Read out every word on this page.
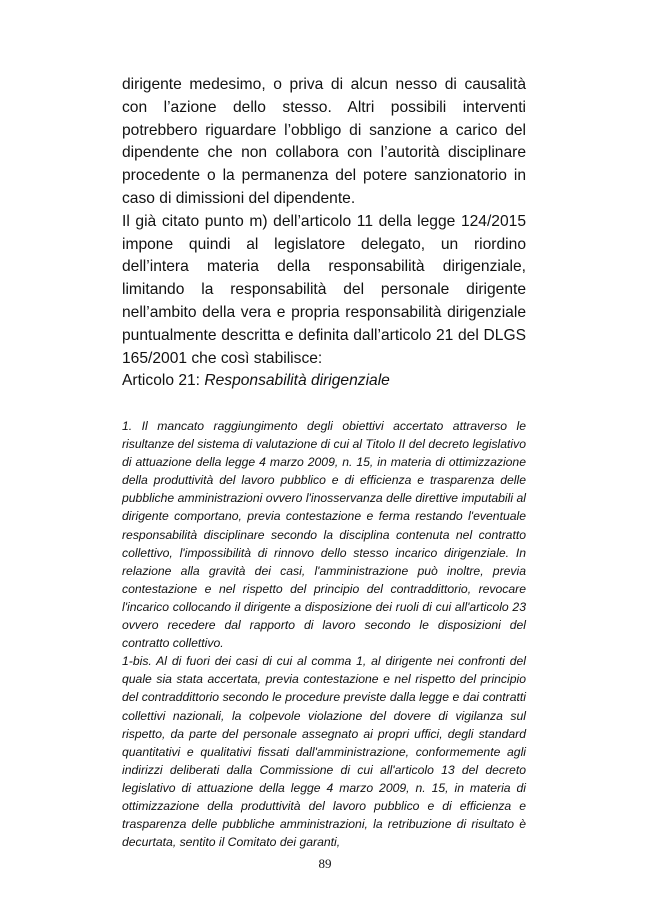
dirigente medesimo, o priva di alcun nesso di causalità con l’azione dello stesso. Altri possibili interventi potrebbero riguardare l’obbligo di sanzione a carico del dipendente che non collabora con l’autorità disciplinare procedente o la permanenza del potere sanzionatorio in caso di dimissioni del dipendente.

Il già citato punto m) dell’articolo 11 della legge 124/2015 impone quindi al legislatore delegato, un riordino dell’intera materia della responsabilità dirigenziale, limitando la responsabilità del personale dirigente nell’ambito della vera e propria responsabilità dirigenziale puntualmente descritta e definita dall’articolo 21 del DLGS 165/2001 che così stabilisce:

Articolo 21: Responsabilità dirigenziale

1. Il mancato raggiungimento degli obiettivi accertato attraverso le risultanze del sistema di valutazione di cui al Titolo II del decreto legislativo di attuazione della legge 4 marzo 2009, n. 15, in materia di ottimizzazione della produttività del lavoro pubblico e di efficienza e trasparenza delle pubbliche amministrazioni ovvero l'inosservanza delle direttive imputabili al dirigente comportano, previa contestazione e ferma restando l'eventuale responsabilità disciplinare secondo la disciplina contenuta nel contratto collettivo, l'impossibilità di rinnovo dello stesso incarico dirigenziale. In relazione alla gravità dei casi, l'amministrazione può inoltre, previa contestazione e nel rispetto del principio del contraddittorio, revocare l'incarico collocando il dirigente a disposizione dei ruoli di cui all'articolo 23 ovvero recedere dal rapporto di lavoro secondo le disposizioni del contratto collettivo.

1-bis. Al di fuori dei casi di cui al comma 1, al dirigente nei confronti del quale sia stata accertata, previa contestazione e nel rispetto del principio del contraddittorio secondo le procedure previste dalla legge e dai contratti collettivi nazionali, la colpevole violazione del dovere di vigilanza sul rispetto, da parte del personale assegnato ai propri uffici, degli standard quantitativi e qualitativi fissati dall'amministrazione, conformemente agli indirizzi deliberati dalla Commissione di cui all'articolo 13 del decreto legislativo di attuazione della legge 4 marzo 2009, n. 15, in materia di ottimizzazione della produttività del lavoro pubblico e di efficienza e trasparenza delle pubbliche amministrazioni, la retribuzione di risultato è decurtata, sentito il Comitato dei garanti,

89
